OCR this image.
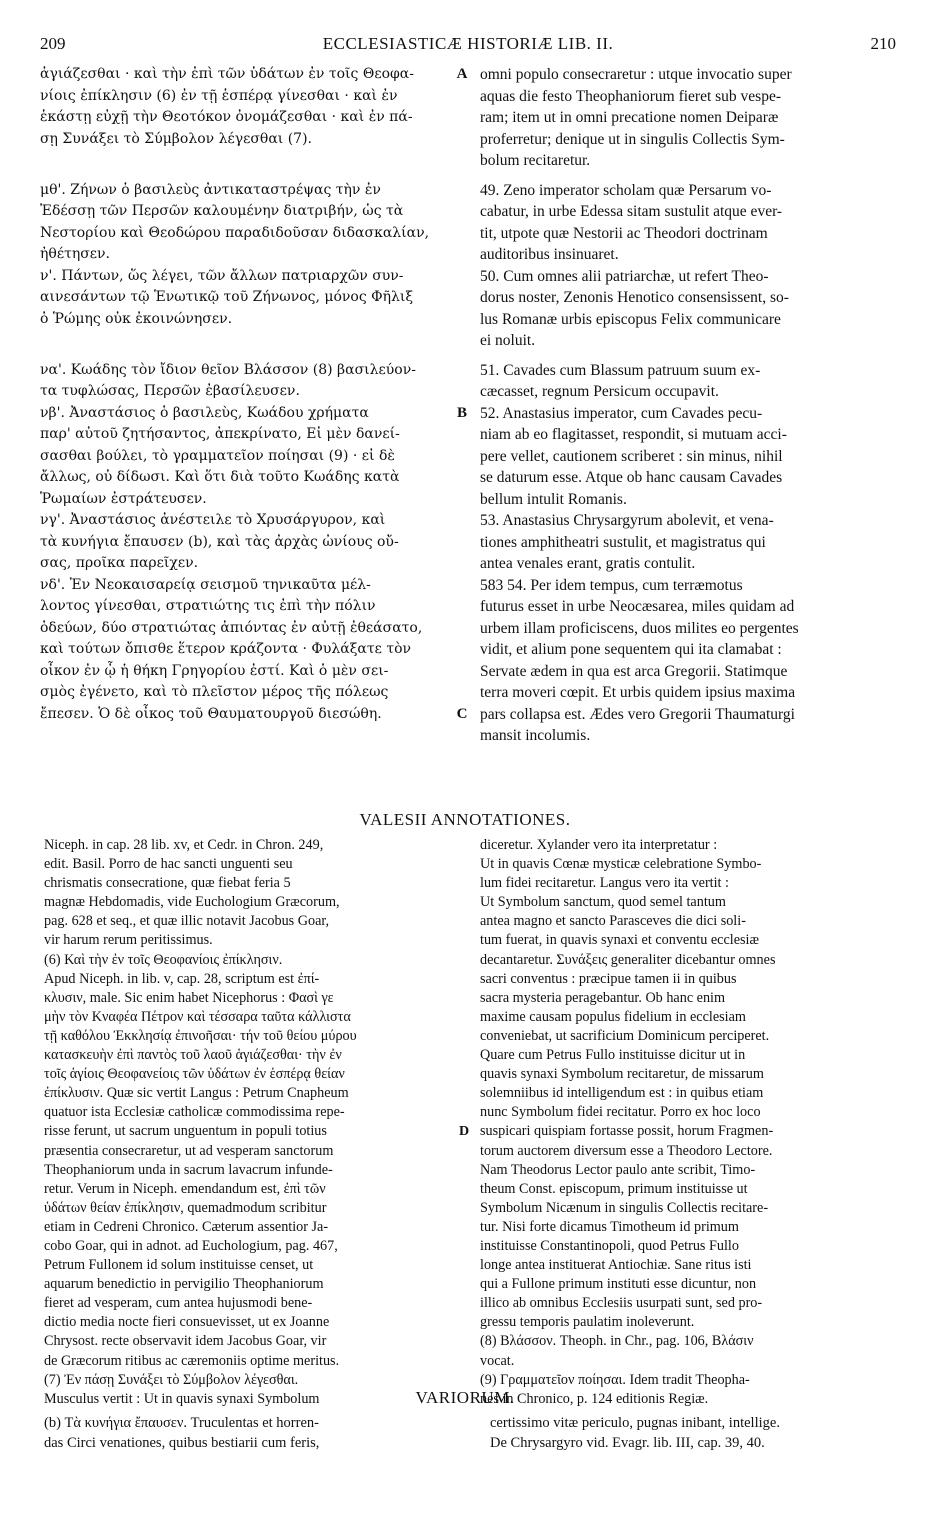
209	ECCLESIASTICÆ HISTORIÆ LIB. II.	210
ἁγιάζεσθαι · καὶ τὴν ἐπὶ τῶν ὑδάτων ἐν τοῖς Θεοφα-	A omni populo consecraretur : utque invocatio super
νίοις ἐπίκλησιν (6) ἐν τῇ ἑσπέρᾳ γίνεσθαι · καὶ ἐν	aquas die festo Theophaniorum fieret sub vespe-
ἑκάστῃ εὐχῇ τὴν Θεοτόκον ὀνομάζεσθαι · καὶ ἐν πά-	ram; item ut in omni precatione nomen Deiparæ
σῃ Συνάξει τὸ Σύμβολον λέγεσθαι (7).	proferretur; denique ut in singulis Collectis Sym-
bolum recitaretur.
μθ'. Ζήνων ὁ βασιλεὺς ἀντικαταστρέψας τὴν ἐν	49. Zeno imperator scholam quæ Persarum vo-
Ἐδέσσῃ τῶν Περσῶν καλουμένην διατριβήν, ὡς τὰ	cabatur, in urbe Edessa sitam sustulit atque ever-
Νεστορίου καὶ Θεοδώρου παραδιδοῦσαν διδασκαλίαν,	tit, utpote quæ Nestorii ac Theodori doctrinam
ἠθέτησεν.	auditoribus insinuaret.
ν'. Πάντων, ὥς λέγει, τῶν ἄλλων πατριαρχῶν συν-	50. Cum omnes alii patriarchæ, ut refert Theo-
αινεσάντων τῷ Ἑνωτικῷ τοῦ Ζήνωνος, μόνος Φῆλιξ	dorus noster, Zenonis Henotico consensissent, so-
ὁ Ῥώμης οὐκ ἐκοινώνησεν.	lus Romanæ urbis episcopus Felix communicare
ei noluit.
να'. Κωάδης τὸν ἴδιον θεῖον Βλάσσον (8) βασιλεύον-	51. Cavades cum Blassum patruum suum ex-
τα τυφλώσας, Περσῶν ἐβασίλευσεν.	cæcasset, regnum Persicum occupavit.
νβ'. Ἀναστάσιος ὁ βασιλεὺς, Κωάδου χρήματα	B 52. Anastasius imperator, cum Cavades pecu-
παρ' αὐτοῦ ζητήσαντος, ἀπεκρίνατο, Εἰ μὲν δανεί-	niam ab eo flagitasset, respondit, si mutuam acci-
σασθαι βούλει, τὸ γραμματεῖον ποίησαι (9) · εἰ δὲ	pere vellet, cautionem scriberet : sin minus, nihil
ἄλλως, οὐ δίδωσι. Καὶ ὅτι διὰ τοῦτο Κωάδης κατὰ	se daturum esse. Atque ob hanc causam Cavades
Ῥωμαίων ἐστράτευσεν.	bellum intulit Romanis.
νγ'. Ἀναστάσιος ἀνέστειλε τὸ Χρυσάργυρον, καὶ	53. Anastasius Chrysargyrum abolevit, et vena-
τὰ κυνήγια ἔπαυσεν (b), καὶ τὰς ἀρχὰς ὠνίους οὔ-	tiones amphitheatri sustulit, et magistratus qui
σας, προῖκα παρεῖχεν.	antea venales erant, gratis contulit.
νδ'. Ἐν Νεοκαισαρείᾳ σεισμοῦ τηνικαῦτα μέλ-	583 54. Per idem tempus, cum terræmotus
λοντος γίνεσθαι, στρατιώτης τις ἐπὶ τὴν πόλιν	futurus esset in urbe Neocæsarea, miles quidam ad
ὁδεύων, δύο στρατιώτας ἀπιόντας ἐν αὐτῇ ἐθεάσατο,	urbem illam proficiscens, duos milites eo pergentes
καὶ τούτων ὄπισθε ἕτερον κράζοντα · Φυλάξατε τὸν	vidit, et alium pone sequentem qui ita clamabat :
οἶκον ἐν ᾧ ἡ θήκη Γρηγορίου ἐστί. Καὶ ὁ μὲν σει-	Servate ædem in qua est arca Gregorii. Statimque
σμὸς ἐγένετο, καὶ τὸ πλεῖστον μέρος τῆς πόλεως	terra moveri cœpit. Et urbis quidem ipsius maxima
ἔπεσεν. Ὁ δὲ οἶκος τοῦ Θαυματουργοῦ διεσώθη.	C pars collapsa est. Ædes vero Gregorii Thaumaturgi
mansit incolumis.
VALESII ANNOTATIONES.
Niceph. in cap. 28 lib. xv, et Cedr. in Chron. 249,	diceretur. Xylander vero ita interpretatur :
edit. Basil. Porro de hac sancti unguenti seu	Ut in quavis Cœnæ mysticæ celebratione Symbo-
chrismatis consecratione, quæ fiebat feria 5	lum fidei recitaretur. Langus vero ita vertit :
magnæ Hebdomadis, vide Euchologium Græcorum,	Ut Symbolum sanctum, quod semel tantum
pag. 628 et seq., et quæ illic notavit Jacobus Goar,	antea magno et sancto Parasceves die dici soli-
vir harum rerum peritissimus.	tum fuerat, in quavis synaxi et conventu ecclesiæ
(6) Καὶ τὴν ἐν τοῖς Θεοφανίοις ἐπίκλησιν.	decantaretur. Συνάξεις generaliter dicebantur omnes
Apud Niceph. in lib. v, cap. 28, scriptum est ἐπί-	sacri conventus : præcipue tamen ii in quibus
κλυσιν, male. Sic enim habet Nicephorus : Φασὶ γε	sacra mysteria peragebantur. Ob hanc enim
μὴν τὸν Κναφέα Πέτρον καὶ τέσσαρα ταῦτα κάλλιστα	maxime causam populus fidelium in ecclesiam
τῇ καθόλου Ἐκκλησίᾳ ἐπινοῆσαι· τήν τοῦ θείου μύρου	conveniebat, ut sacrificium Dominicum perciperet.
κατασκευὴν ἐπὶ παντὸς τοῦ λαοῦ ἁγιάζεσθαι· τὴν ἐν	Quare cum Petrus Fullo instituisse dicitur ut in
τοῖς ἁγίοις Θεοφανείοις τῶν ὑδάτων ἐν ἑσπέρᾳ θείαν	quavis synaxi Symbolum recitaretur, de missarum
ἐπίκλυσιν. Quæ sic vertit Langus : Petrum Cnapheum	solemniibus id intelligendum est : in quibus etiam
quatuor ista Ecclesiæ catholicæ commodissima repe-	nunc Symbolum fidei recitatur. Porro ex hoc loco
risse ferunt, ut sacrum unguentum in populi totius	D suspicari quispiam fortasse possit, horum Fragmen-
præsentia consecraretur, ut ad vesperam sanctorum	torum auctorem diversum esse a Theodoro Lectore.
Theophaniorum unda in sacrum lavacrum infunde-	Nam Theodorus Lector paulo ante scribit, Timo-
retur. Verum in Niceph. emendandum est, ἐπὶ τῶν	theum Const. episcopum, primum instituisse ut
ὑδάτων θείαν ἐπίκλησιν, quemadmodum scribitur	Symbolum Nicænum in singulis Collectis recitare-
etiam in Cedreni Chronico. Cæterum assentior Ja-	tur. Nisi forte dicamus Timotheum id primum
cobo Goar, qui in adnot. ad Euchologium, pag. 467,	instituisse Constantinopoli, quod Petrus Fullo
Petrum Fullonem id solum instituisse censet, ut	longe antea instituerat Antiochiæ. Sane ritus isti
aquarum benedictio in pervigilio Theophaniorum	qui a Fullone primum instituti esse dicuntur, non
fieret ad vesperam, cum antea hujusmodi bene-	illico ab omnibus Ecclesiis usurpati sunt, sed pro-
dictio media nocte fieri consuevisset, ut ex Joanne	gressu temporis paulatim inoleverunt.
Chrysost. recte observavit idem Jacobus Goar, vir	(8) Βλάσσον. Theoph. in Chr., pag. 106, Βλάσιν
de Græcorum ritibus ac cæremoniis optime meritus.	vocat.
(7) Ἐν πάσῃ Συνάξει τὸ Σύμβολον λέγεσθαι.	(9) Γραμματεῖον ποίησαι. Idem tradit Theopha-
Musculus vertit : Ut in quavis synaxi Symbolum	nes in Chronico, p. 124 editionis Regiæ.
VARIORUM.
(b) Τὰ κυνήγια ἔπαυσεν. Truculentas et horren-	certissimo vitæ periculo, pugnas inibant, intellige.
das Circi venationes, quibus bestiarii cum feris,	De Chrysargyro vid. Evagr. lib. III, cap. 39, 40.
